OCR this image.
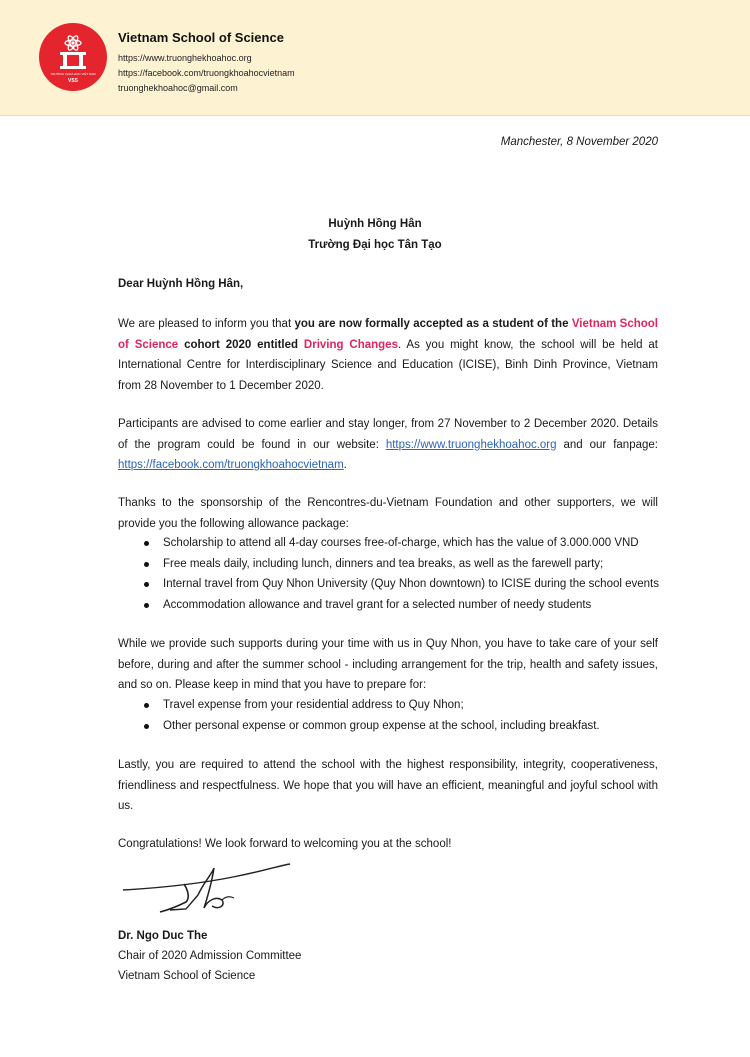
TRƯỜNG KHOA HỌC VIỆT NAM
VSS
Vietnam School of Science
https://www.truonghekhoahoc.org
https://facebook.com/truongkhoahocvietnam
truonghekhoahoc@gmail.com
Manchester, 8 November 2020
Huỳnh Hồng Hân
Trường Đại học Tân Tạo
Dear Huỳnh Hồng Hân,
We are pleased to inform you that you are now formally accepted as a student of the Vietnam School of Science cohort 2020 entitled Driving Changes. As you might know, the school will be held at International Centre for Interdisciplinary Science and Education (ICISE), Binh Dinh Province, Vietnam from 28 November to 1 December 2020.
Participants are advised to come earlier and stay longer, from 27 November to 2 December 2020. Details of the program could be found in our website: https://www.truonghekhoahoc.org and our fanpage: https://facebook.com/truongkhoahocvietnam.
Thanks to the sponsorship of the Rencontres-du-Vietnam Foundation and other supporters, we will provide you the following allowance package:
Scholarship to attend all 4-day courses free-of-charge, which has the value of 3.000.000 VND
Free meals daily, including lunch, dinners and tea breaks, as well as the farewell party;
Internal travel from Quy Nhon University (Quy Nhon downtown) to ICISE during the school events
Accommodation allowance and travel grant for a selected number of needy students
While we provide such supports during your time with us in Quy Nhon, you have to take care of your self before, during and after the summer school - including arrangement for the trip, health and safety issues, and so on. Please keep in mind that you have to prepare for:
Travel expense from your residential address to Quy Nhon;
Other personal expense or common group expense at the school, including breakfast.
Lastly, you are required to attend the school with the highest responsibility, integrity, cooperativeness, friendliness and respectfulness. We hope that you will have an efficient, meaningful and joyful school with us.
Congratulations! We look forward to welcoming you at the school!
Dr. Ngo Duc The
Chair of 2020 Admission Committee
Vietnam School of Science
